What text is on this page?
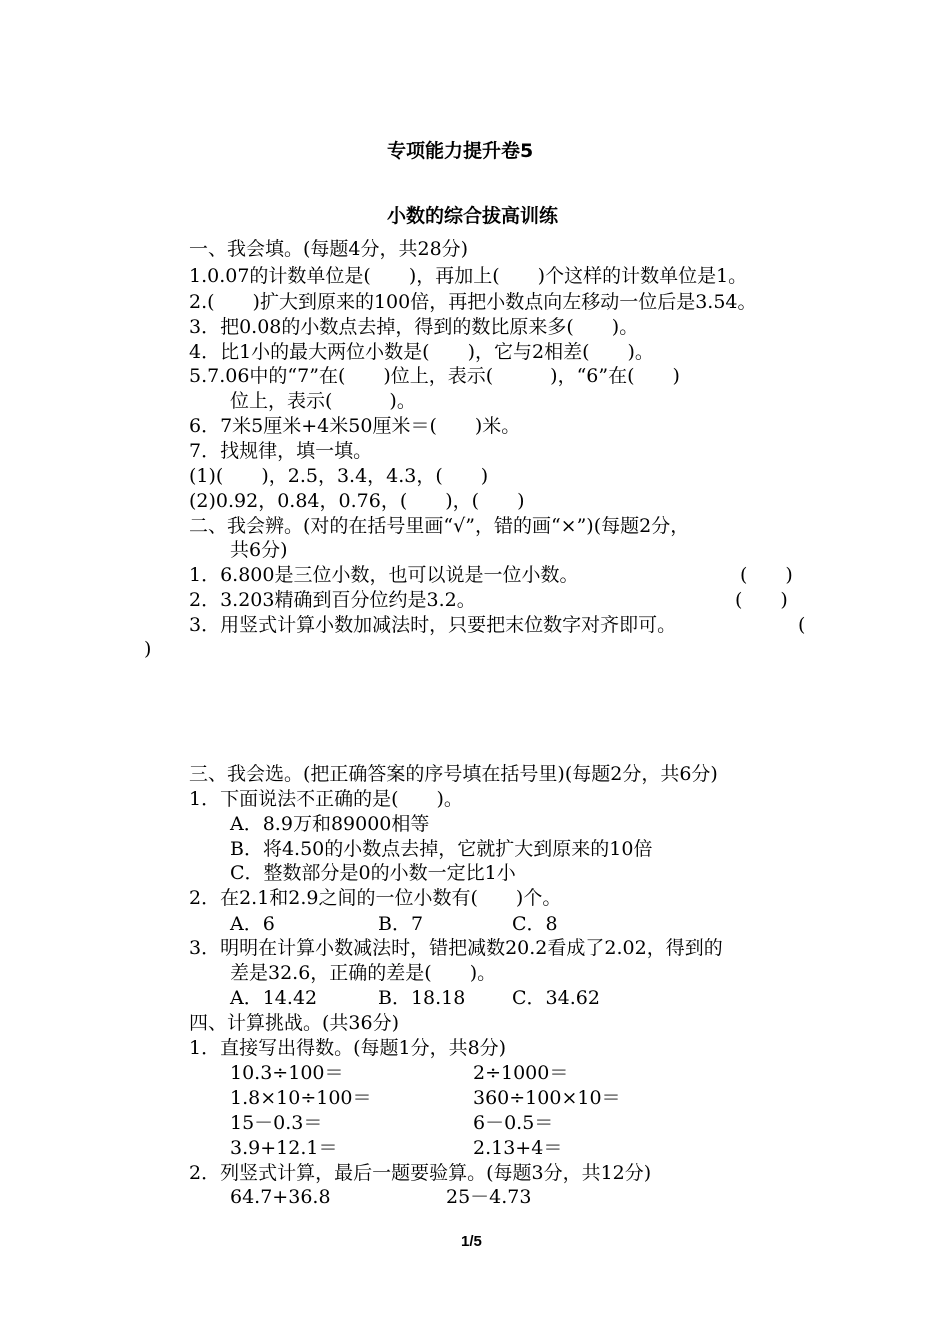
专项能力提升卷5
小数的综合拔高训练
一、我会填。(每题4分，共28分)
1.0.07的计数单位是(　　)，再加上(　　)个这样的计数单位是1。
2.(　　)扩大到原来的100倍，再把小数点向左移动一位后是3.54。
3．把0.08的小数点去掉，得到的数比原来多(　　)。
4．比1小的最大两位小数是(　　)，它与2相差(　　)。
5.7.06中的“7”在(　　)位上，表示(　　　)，“6”在(　　)
位上，表示(　　　)。
6．7米5厘米+4米50厘米＝(　　)米。
7．找规律，填一填。
(1)(　　)，2.5，3.4，4.3，(　　)
(2)0.92，0.84，0.76，(　　)，(　　)
二、我会辨。(对的在括号里画“√”，错的画“×”)(每题2分，
共6分)
1．6.800是三位小数，也可以说是一位小数。	(　　)
2．3.203精确到百分位约是3.2。	(　　)
3．用竖式计算小数加减法时，只要把末位数字对齐即可。	(
)
三、我会选。(把正确答案的序号填在括号里)(每题2分，共6分)
1．下面说法不正确的是(　　)。
A．8.9万和89000相等
B．将4.50的小数点去掉，它就扩大到原来的10倍
C．整数部分是0的小数一定比1小
2．在2.1和2.9之间的一位小数有(　　)个。
A．6	B．7	C．8
3．明明在计算小数减法时，错把减数20.2看成了2.02，得到的
差是32.6，正确的差是(　　)。
A．14.42	B．18.18 C．34.62
四、计算挑战。(共36分)
1．直接写出得数。(每题1分，共8分)
10.3÷100＝	2÷1000＝
1.8×10÷100＝	360÷100×10＝
15－0.3＝	6－0.5＝
3.9+12.1＝	2.13+4＝
2．列竖式计算，最后一题要验算。(每题3分，共12分)
64.7+36.8	25－4.73
1/5
